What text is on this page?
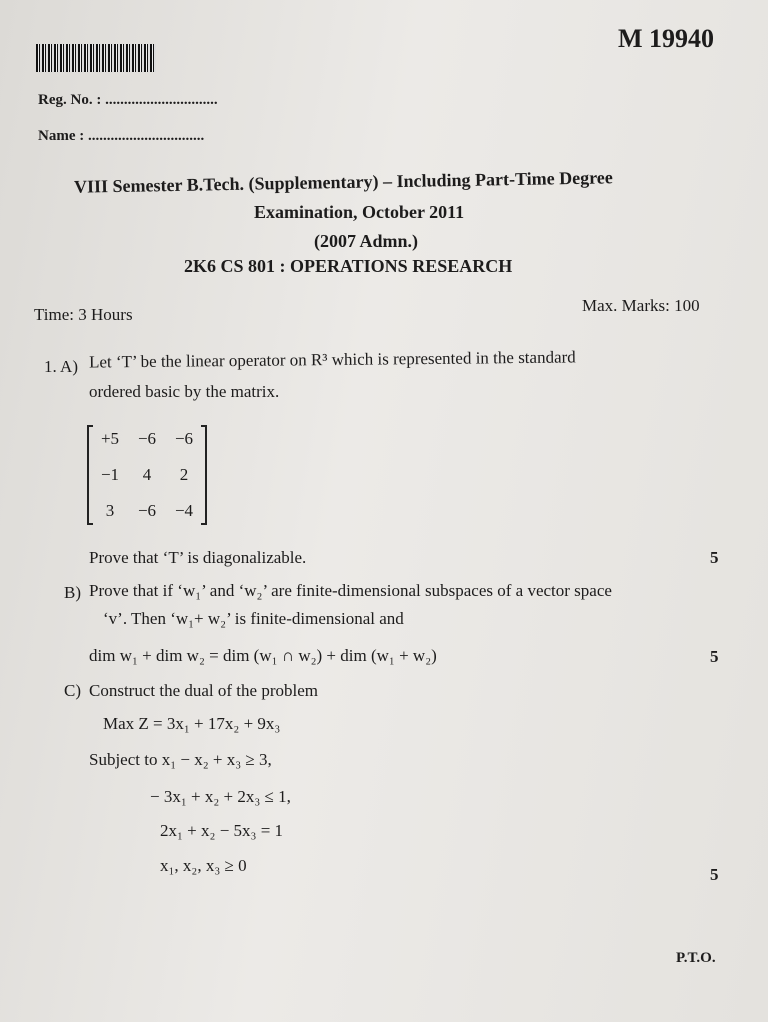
M 19940
Reg. No. : ..............................
Name : ...............................
VIII Semester B.Tech. (Supplementary) – Including Part-Time Degree
Examination, October 2011
(2007 Admn.)
2K6 CS 801 : OPERATIONS RESEARCH
Time: 3 Hours	Max. Marks: 100
1. A) Let ‘T’ be the linear operator on R³ which is represented in the standard
ordered basic by the matrix.
+5	−6	−6
−1	4	2
3	−6	−4
Prove that ‘T’ is diagonalizable.	5
B) Prove that if ‘w₁’ and ‘w₂’ are finite-dimensional subspaces of a vector space
‘v’. Then ‘w₁+ w₂’ is finite-dimensional and
dim w₁ + dim w₂ = dim (w₁ ∩ w₂) + dim (w₁ + w₂)	5
C) Construct the dual of the problem
Max Z = 3x₁ + 17x₂ + 9x₃
Subject to x₁ − x₂ + x₃ ≥ 3,
− 3x₁ + x₂ + 2x₃ ≤ 1,
2x₁ + x₂ − 5x₃ = 1
x₁, x₂, x₃ ≥ 0	5
P.T.O.
